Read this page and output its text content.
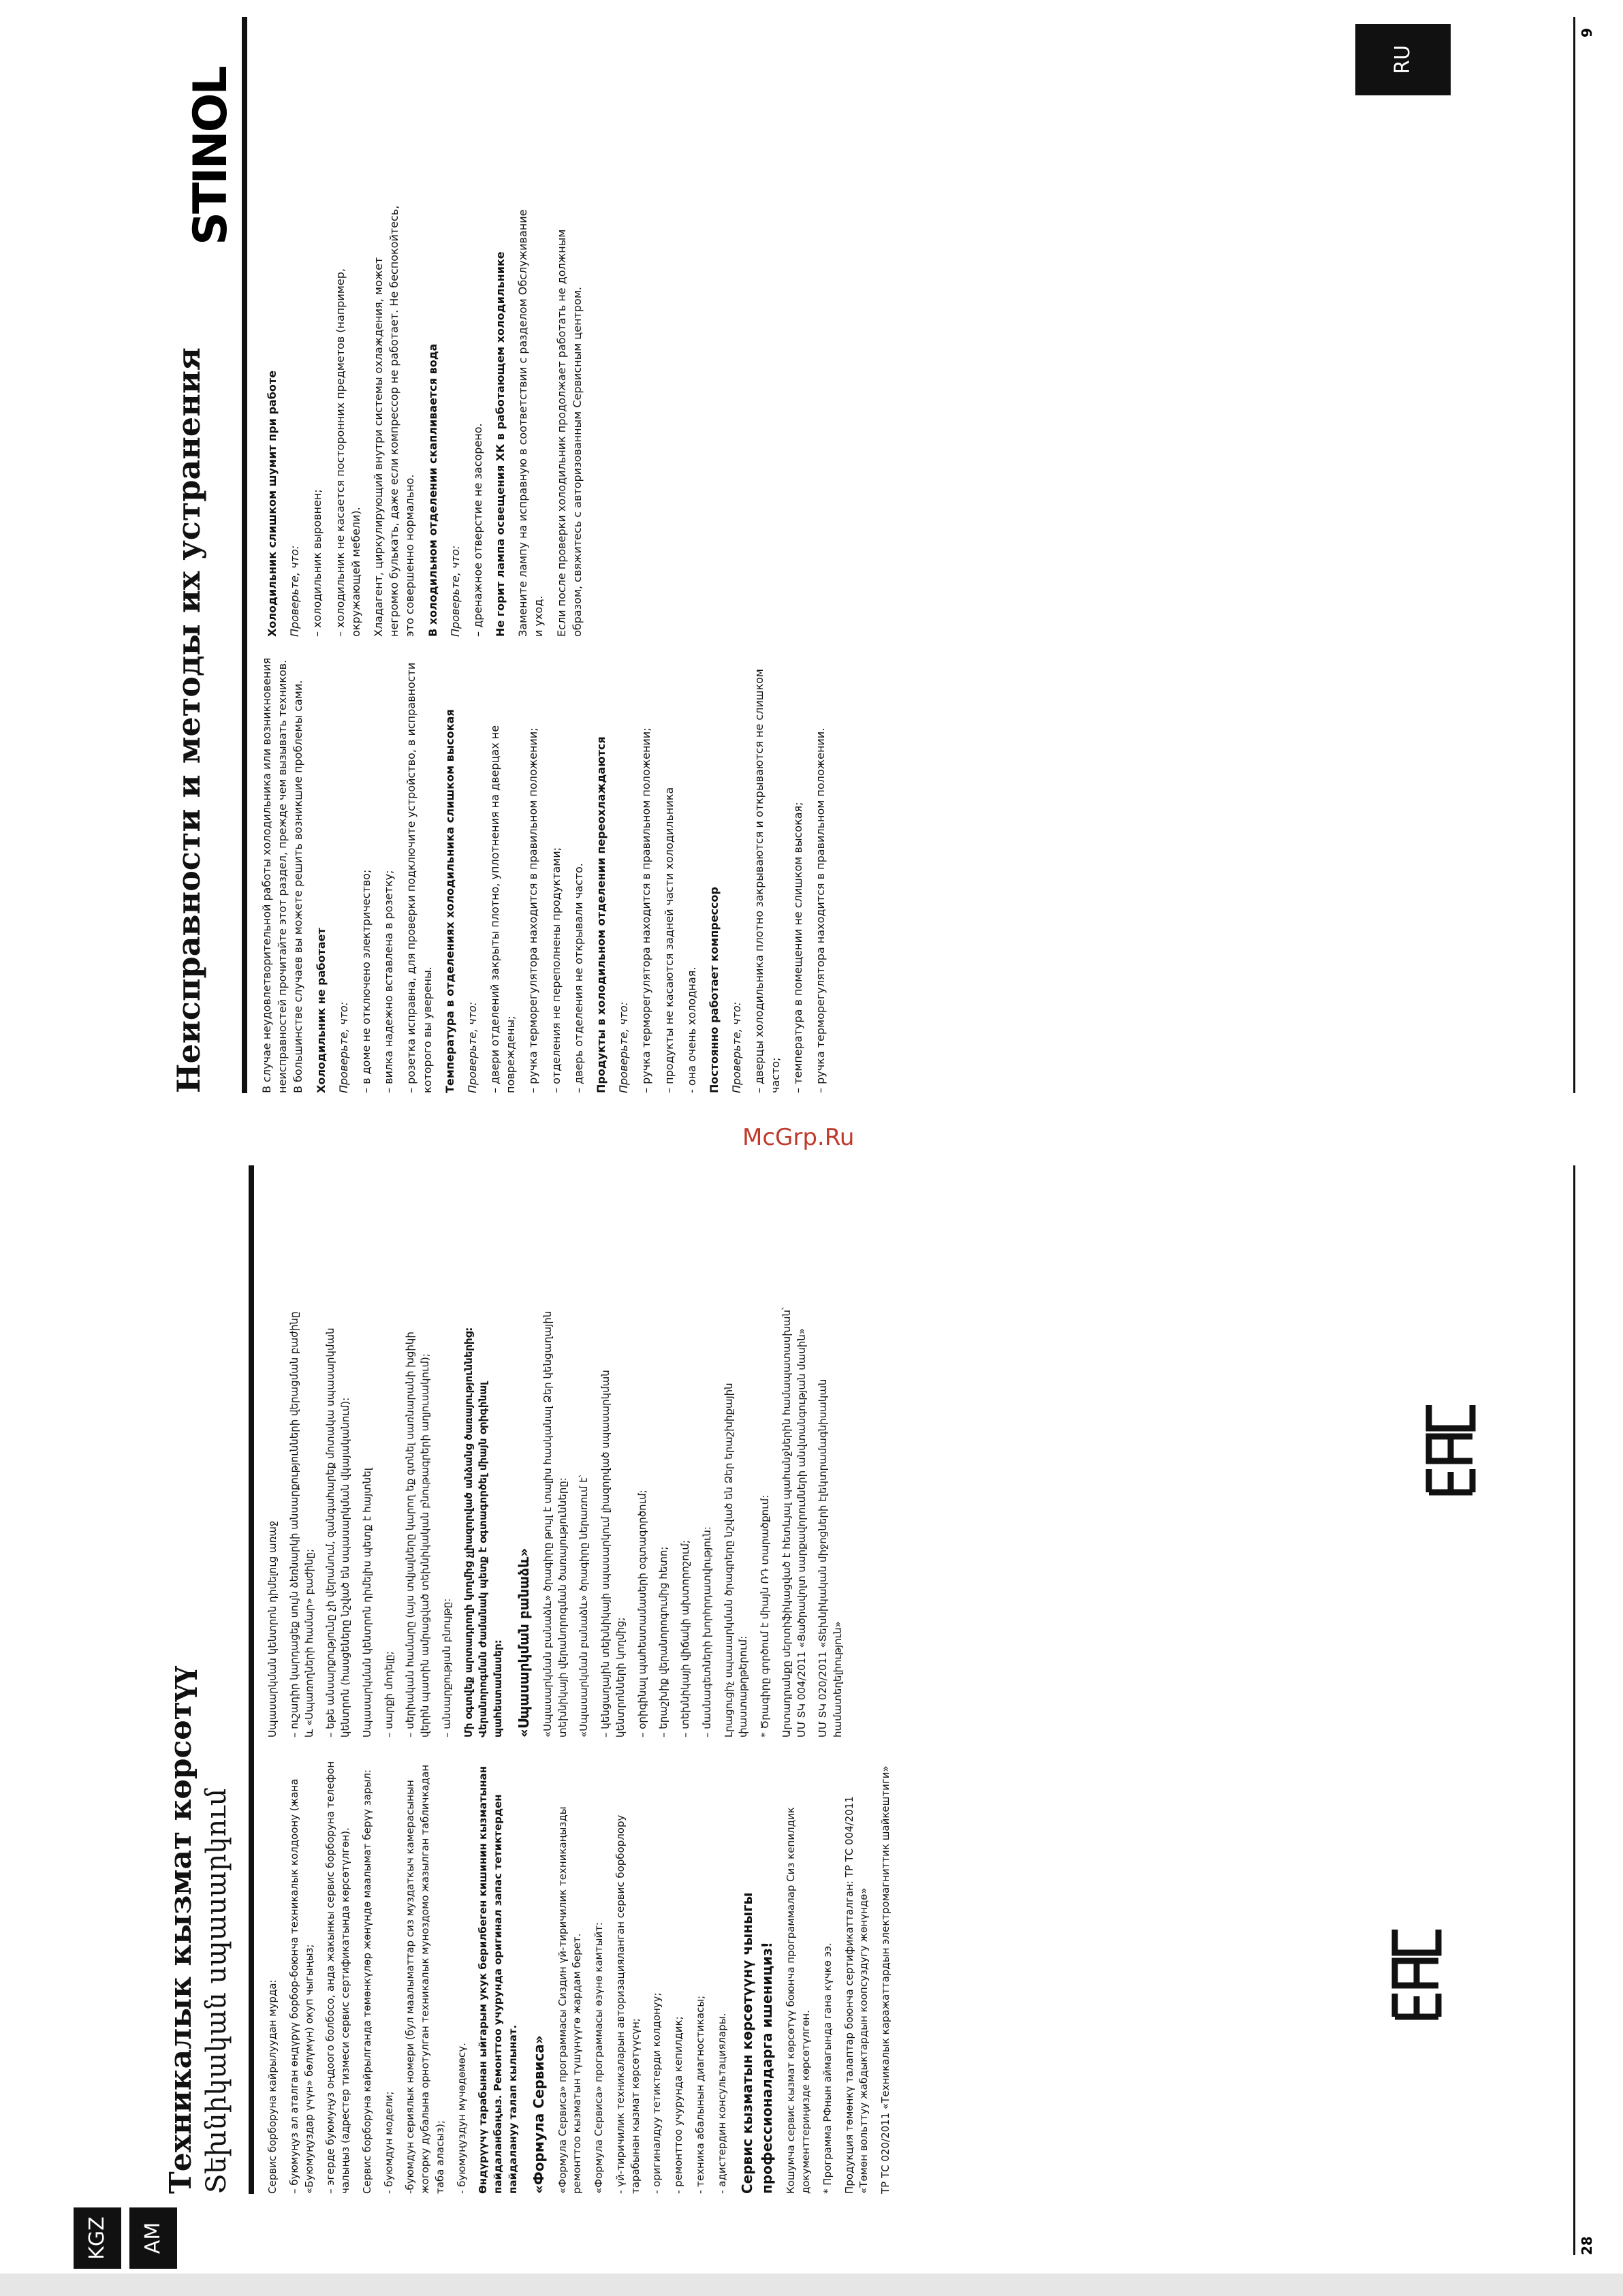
KGZ	AM
Техникалык кызмат көрсөтүү Տեխնիկական սպասարկում	Сервис борборуна кайрылуудан мурда: – буюмуңуз ал аталган өндүрүү борбор-боюнча техникалык колдоону (жана «Буюмуңуздар үчүн» бөлүмүн) окуп чыгыңыз; – эгерде буюмуңуз оңдоого болбосо, анда жакынкы сервис борборуна телефон чалыңыз (адрестер тизмеси сервис сертификатында көрсөтүлгөн). Сервис борборуна кайрылганда төмөнкүлөр жөнүндө маалымат берүү зарыл: - буюмдун модели; -буюмдун сериялык номери (бул маалыматтар сиз муздаткыч камерасынын жогорку дубалына орнотулган техникалык муноздомо жазылган табличкадан таба аласыз); - буюмуңуздун мүчөдөмөсү. Өндүрүүчү тарабынан ыйгарым укук берилбеген кишинин кызматынан пайдаланбаңыз. Ремонттоо учурунда оригинал запас тетиктерден пайдалануу талап кылынат. «Формула Сервиса» «Формула Сервиса» программасы Сиздин үй-тиричилик техникаңызды ремонттоо кызматын түшүнүүгө жардам берет. «Формула Сервиса» программасы өзүнө камтыйт: - үй-тиричилик техникаларын авторизацияланган сервис борборлору тарабынан кызмат көрсөтүүсүн; - оригиналдуу тетиктерди колдонуу; - ремонттоо учурунда кепилдик; - техника абалынын диагностикасы; - адистердин консультациялары. Сервис кызматын көрсөтүүнү чыныгы профессионалдарга ишенициз! Кошумча сервис кызмат көрсөтүү боюнча программалар Сиз кепилдик документтериңизде көрсөтүлгөн. * Программа РФнын аймагында гана күчкө ээ. Продукция төмөнкү талаптар боюнча сертификатталган: ТР ТС 004/2011 «Төмөн вольттуу жабдыктардын коопсуздугу жөнүндө» ТР ТС 020/2011 «Техникалык каражаттардын электромагниттик шайкештиги»

Սպասարկման կենտրոն դիմելուց առաջ – ուշադիր կարդացեք սույն ձեռնարկի անսարքությունների վերացման բաժինը և «Սպառողների համար» բաժինը; – եթե անսարքությունը չի վերանում, զանգահարեք մոտակա սպասարկման կենտրոն (հասցեները նշված են սպասարկման վկայականում): Սպասարկման կենտրոն դիմելիս պետք է հայտնել – սարքի մոդելը; – սերիական համարը (այս տվյալները կարող եք գտնել սառնարանի խցիկի վերին պատին ամրացված տեխնիկական բնութագրերի աղյուսակում); – անսարքության բնույթը: Մի օգտվեք արտադրողի կողմից չլիազորված անձանց ծառայություններից: Վերանորոգման ժամանակ պետք է օգտագործել միայն օրիգինալ պահեստամասեր: «Սպասարկման բանաձև» «Սպասարկման բանաձև» ծրագիրը թույլ է տալիս հասկանալ Ձեր կենցաղային տեխնիկայի վերանորոգման ծառայությունները: «Սպասարկման բանաձև» ծրագիրը ներառում է՝ – կենցաղային տեխնիկայի սպասարկում լիազորված սպասարկման կենտրոնների կողմից; – օրիգինալ պահեստամասերի օգտագործում; – երաշխիք վերանորոգումից հետո; – տեխնիկայի վիճակի ախտորոշում; – մասնագետների խորհրդատվություն: Լրացուցիչ սպասարկման ծրագրերը նշված են Ձեր երաշխիքային փաստաթղթերում: * Ծրագիրը գործում է միայն ՌԴ տարածքում: Արտադրանքը սերտիֆիկացված է հետևյալ պահանջներին համապատասխան՝ ՄՄ ՏԿ 004/2011 «Ցածրավոլտ սարքավորումների անվտանգության մասին» ՄՄ ՏԿ 020/2011 «Տեխնիկական միջոցների էլեկտրամագնիսական համատեղելիություն»

28
Неисправности и методы их устранения
STINOL
RU

В случае неудовлетворительной работы холодильника или возникновения неисправностей прочитайте этот раздел, прежде чем вызывать техников. В большинстве случаев вы можете решить возникшие проблемы сами. Холодильник не работает Проверьте, что: – в доме не отключено электричество; – вилка надежно вставлена в розетку; – розетка исправна, для проверки подключите устройство, в исправности которого вы уверены. Температура в отделениях холодильника слишком высокая Проверьте, что: – двери отделений закрыты плотно, уплотнения на дверцах не повреждены; – ручка терморегулятора находится в правильном положении; – отделения не переполнены продуктами; – дверь отделения не открывали часто. Продукты в холодильном отделении переохлаждаются Проверьте, что: – ручка терморегулятора находится в правильном положении; – продукты не касаются задней части холодильника - она очень холодная. Постоянно работает компрессор Проверьте, что: – дверцы холодильника плотно закрываются и открываются не слишком часто; – температура в помещении не слишком высокая; – ручка терморегулятора находится в правильном положении.

Холодильник слишком шумит при работе Проверьте, что: – холодильник выровнен; – холодильник не касается посторонних предметов (например, окружающей мебели). Хладагент, циркулирующий внутри системы охлаждения, может негромко булькать, даже если компрессор не работает. Не беспокойтесь, это совершенно нормально. В холодильном отделении скапливается вода Проверьте, что: – дренажное отверстие не засорено. Не горит лампа освещения ХК в работающем холодильнике Замените лампу на исправную в соответствии с разделом Обслуживание и уход. Если после проверки холодильник продолжает работать не должным образом, свяжитесь с авторизованным Сервисным центром.

9
McGrp.Ru
